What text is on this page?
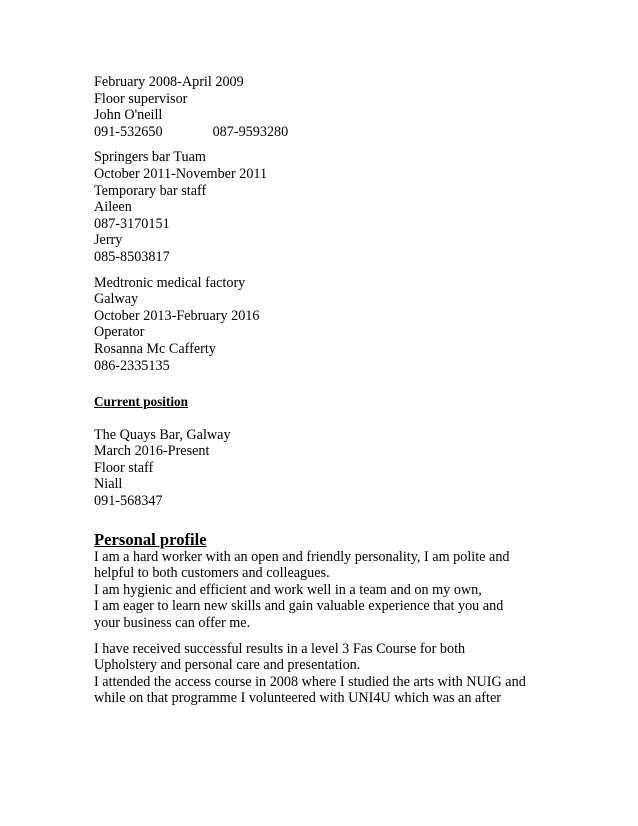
February 2008-April 2009

Floor supervisor

John O'neill

091-532650	087-9593280

Springers bar Tuam

October 2011-November 2011

Temporary bar staff

Aileen

087-3170151

Jerry

085-8503817

Medtronic medical factory

Galway

October 2013-February 2016

Operator

Rosanna Mc Cafferty

086-2335135

Current position

The Quays Bar, Galway

March 2016-Present

Floor staff

Niall

091-568347

Personal profile

I am a hard worker with an open and friendly personality, I am polite and

helpful to both customers and colleagues.

I am hygienic and efficient and work well in a team and on my own,

I am eager to learn new skills and gain valuable experience that you and

your business can offer me.

I have received successful results in a level 3 Fas Course for both

Upholstery and personal care and presentation.

I attended the access course in 2008 where I studied the arts with NUIG and

while on that programme I volunteered with UNI4U which was an after
